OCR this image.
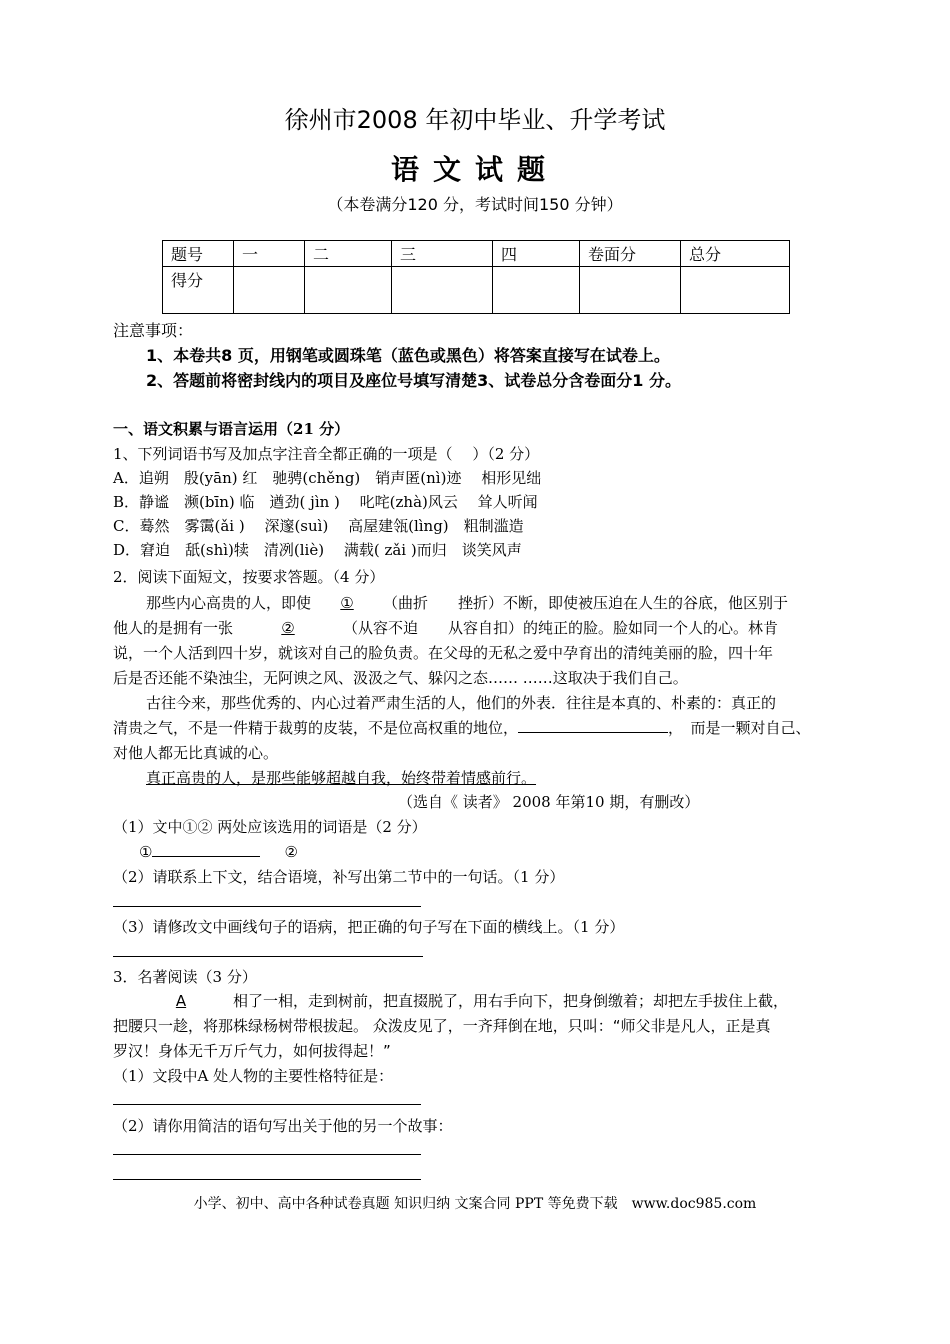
徐州市2008 年初中毕业、升学考试
语文试题
（本卷满分120 分，考试时间150 分钟）
题号	一	二	三	四	卷面分	总分
得分						
注意事项：
1、本卷共8 页，用钢笔或圆珠笔（蓝色或黑色）将答案直接写在试卷上。
2、答题前将密封线内的项目及座位号填写清楚3、试卷总分含卷面分1 分。
一、语文积累与语言运用（21 分）
1、下列词语书写及加点字注音全都正确的一项是（　 ）（2 分）
A．追朔　殷(yān) 红　驰骋(chěng)　销声匿(nì)迹　 相形见绌
B．静谧　濒(bīn) 临　遒劲( jìn )　 叱咤(zhà)风云　 耸人听闻
C．蓦然　雾霭(ǎi )　 深邃(suì)　 高屋建瓴(lìng)　粗制滥造
D．窘迫　舐(shì)犊　清冽(liè)　 满载( zǎi )而归　谈笑风声
2．阅读下面短文，按要求答题。（4 分）
那些内心高贵的人，即使 ① （曲折　　挫折）不断，即使被压迫在人生的谷底，他区别于
他人的是拥有一张	②	（从容不迫　　从容自扣）的纯正的脸。脸如同一个人的心。林肯
说，一个人活到四十岁，就该对自己的脸负责。在父母的无私之爱中孕育出的清纯美丽的脸，四十年
后是否还能不染浊尘，无阿谀之风、汲汲之气、躲闪之态…… ……这取决于我们自己。
古往今来，那些优秀的、内心过着严肃生活的人，他们的外表．往往是本真的、朴素的：真正的
清贵之气，不是一件精于裁剪的皮装，不是位高权重的地位，	，　而是一颗对自己、
对他人都无比真诚的心。
真正高贵的人，是那些能够超越自我，始终带着情感前行。
（选自《 读者》 2008 年第10 期，有删改）
（1）文中①② 两处应该选用的词语是（2 分）
①	②
（2）请联系上下文，结合语境，补写出第二节中的一句话。（1 分）
（3）请修改文中画线句子的语病，把正确的句子写在下面的横线上。（1 分）
3．名著阅读（3 分）
A	相了一相，走到树前，把直掇脱了，用右手向下，把身倒缴着；却把左手拔住上截，
把腰只一趁，将那株绿杨树带根拔起。 众泼皮见了，一齐拜倒在地，只叫：“师父非是凡人，正是真
罗汉！身体无千万斤气力，如何拔得起！”
（1）文段中A 处人物的主要性格特征是：
（2）请你用简洁的语句写出关于他的另一个故事：
小学、初中、高中各种试卷真题 知识归纳 文案合同 PPT 等免费下载　www.doc985.com
